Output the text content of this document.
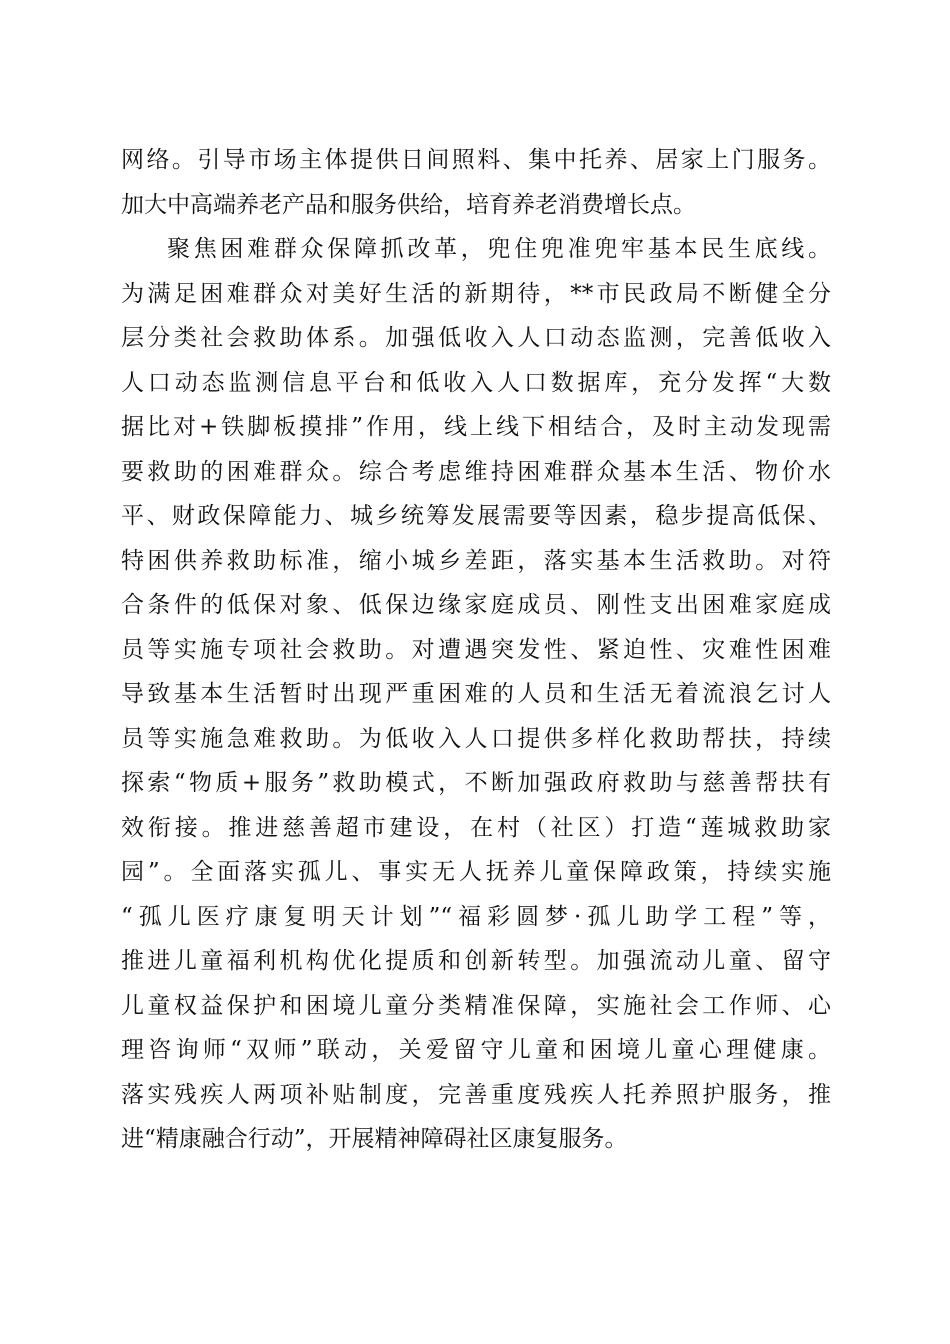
网络。引导市场主体提供日间照料、集中托养、居家上门服务。
加大中高端养老产品和服务供给，培育养老消费增长点。
聚焦困难群众保障抓改革，兜住兜准兜牢基本民生底线。
为满足困难群众对美好生活的新期待，**市民政局不断健全分
层分类社会救助体系。加强低收入人口动态监测，完善低收入
人口动态监测信息平台和低收入人口数据库，充分发挥“大数
据比对+铁脚板摸排”作用，线上线下相结合，及时主动发现需
要救助的困难群众。综合考虑维持困难群众基本生活、物价水
平、财政保障能力、城乡统筹发展需要等因素，稳步提高低保、
特困供养救助标准，缩小城乡差距，落实基本生活救助。对符
合条件的低保对象、低保边缘家庭成员、刚性支出困难家庭成
员等实施专项社会救助。对遭遇突发性、紧迫性、灾难性困难
导致基本生活暂时出现严重困难的人员和生活无着流浪乞讨人
员等实施急难救助。为低收入人口提供多样化救助帮扶，持续
探索“物质+服务”救助模式，不断加强政府救助与慈善帮扶有
效衔接。推进慈善超市建设，在村（社区）打造“莲城救助家
园”。全面落实孤儿、事实无人抚养儿童保障政策，持续实施
“孤儿医疗康复明天计划”“福彩圆梦·孤儿助学工程”等，
推进儿童福利机构优化提质和创新转型。加强流动儿童、留守
儿童权益保护和困境儿童分类精准保障，实施社会工作师、心
理咨询师“双师”联动，关爱留守儿童和困境儿童心理健康。
落实残疾人两项补贴制度，完善重度残疾人托养照护服务，推
进“精康融合行动”，开展精神障碍社区康复服务。
